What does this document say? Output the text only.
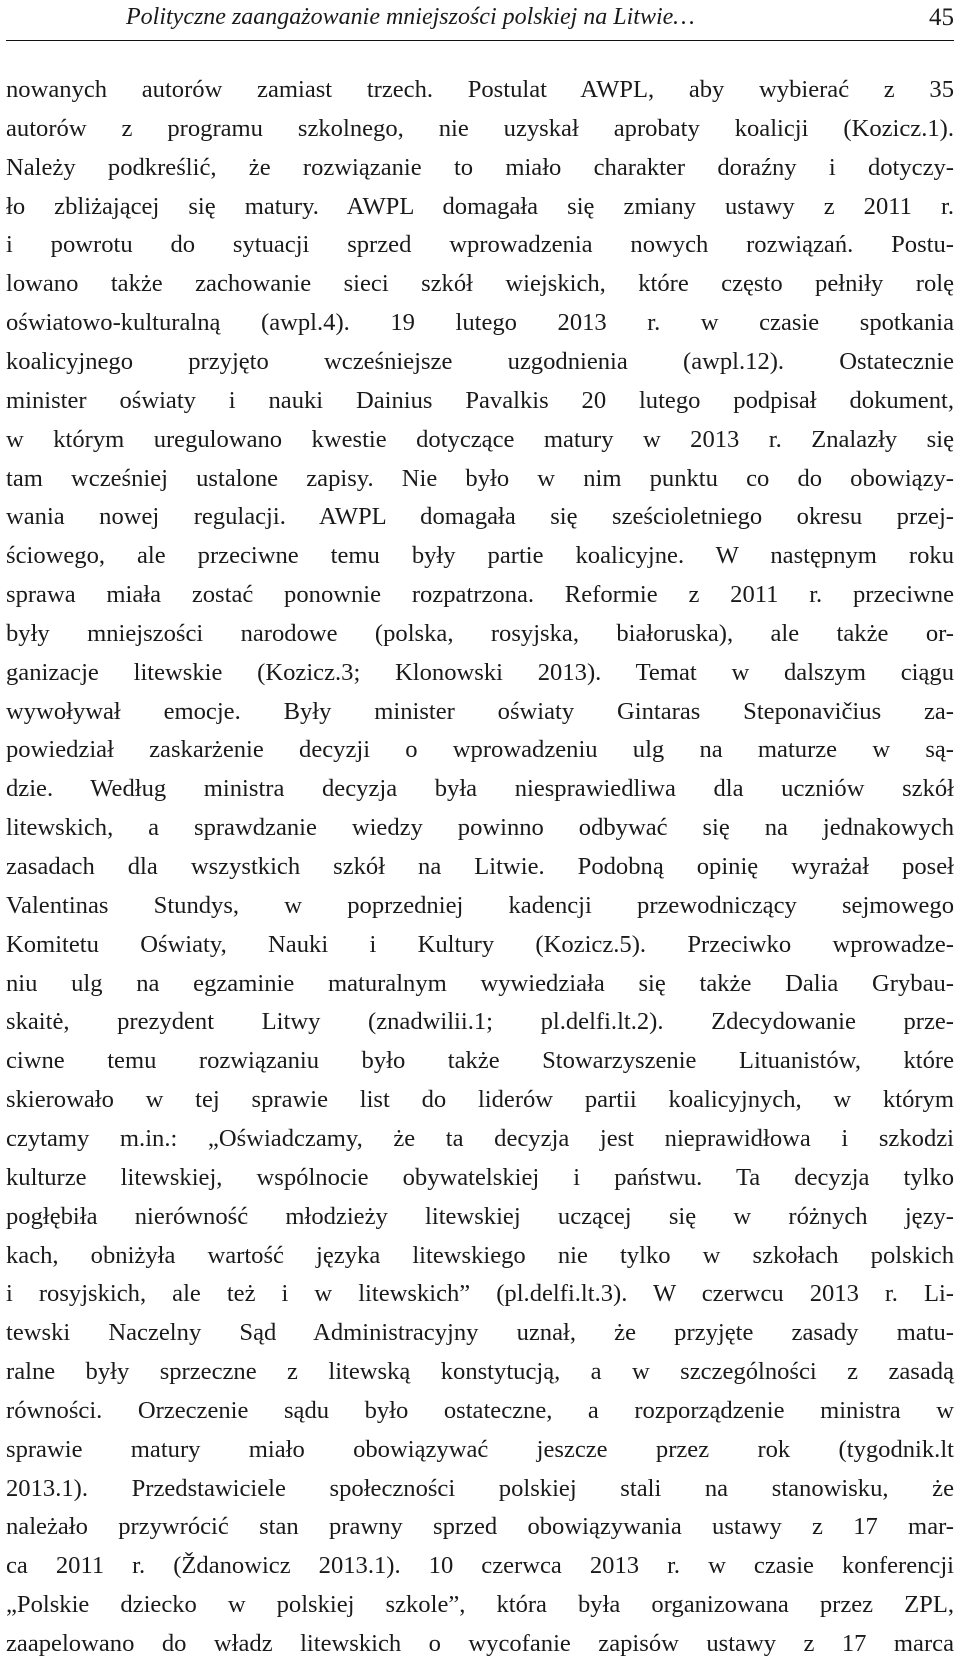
Polityczne zaangażowanie mniejszości polskiej na Litwie…	45
nowanych autorów zamiast trzech. Postulat AWPL, aby wybierać z 35
autorów z programu szkolnego, nie uzyskał aprobaty koalicji (Kozicz.1).
Należy podkreślić, że rozwiązanie to miało charakter doraźny i dotyczy-
ło zbliżającej się matury. AWPL domagała się zmiany ustawy z 2011 r.
i powrotu do sytuacji sprzed wprowadzenia nowych rozwiązań. Postu-
lowano także zachowanie sieci szkół wiejskich, które często pełniły rolę
oświatowo-kulturalną (awpl.4). 19 lutego 2013 r. w czasie spotkania
koalicyjnego przyjęto wcześniejsze uzgodnienia (awpl.12). Ostatecznie
minister oświaty i nauki Dainius Pavalkis 20 lutego podpisał dokument,
w którym uregulowano kwestie dotyczące matury w 2013 r. Znalazły się
tam wcześniej ustalone zapisy. Nie było w nim punktu co do obowiązy-
wania nowej regulacji. AWPL domagała się sześcioletniego okresu przej-
ściowego, ale przeciwne temu były partie koalicyjne. W następnym roku
sprawa miała zostać ponownie rozpatrzona. Reformie z 2011 r. przeciwne
były mniejszości narodowe (polska, rosyjska, białoruska), ale także or-
ganizacje litewskie (Kozicz.3; Klonowski 2013). Temat w dalszym ciągu
wywoływał emocje. Były minister oświaty Gintaras Steponavičius za-
powiedział zaskarżenie decyzji o wprowadzeniu ulg na maturze w są-
dzie. Według ministra decyzja była niesprawiedliwa dla uczniów szkół
litewskich, a sprawdzanie wiedzy powinno odbywać się na jednakowych
zasadach dla wszystkich szkół na Litwie. Podobną opinię wyrażał poseł
Valentinas Stundys, w poprzedniej kadencji przewodniczący sejmowego
Komitetu Oświaty, Nauki i Kultury (Kozicz.5). Przeciwko wprowadze-
niu ulg na egzaminie maturalnym wywiedziała się także Dalia Grybau-
skaitė, prezydent Litwy (znadwilii.1; pl.delfi.lt.2). Zdecydowanie prze-
ciwne temu rozwiązaniu było także Stowarzyszenie Lituanistów, które
skierowało w tej sprawie list do liderów partii koalicyjnych, w którym
czytamy m.in.: „Oświadczamy, że ta decyzja jest nieprawidłowa i szkodzi
kulturze litewskiej, wspólnocie obywatelskiej i państwu. Ta decyzja tylko
pogłębiła nierówność młodzieży litewskiej uczącej się w różnych języ-
kach, obniżyła wartość języka litewskiego nie tylko w szkołach polskich
i rosyjskich, ale też i w litewskich” (pl.delfi.lt.3). W czerwcu 2013 r. Li-
tewski Naczelny Sąd Administracyjny uznał, że przyjęte zasady matu-
ralne były sprzeczne z litewską konstytucją, a w szczególności z zasadą
równości. Orzeczenie sądu było ostateczne, a rozporządzenie ministra w
sprawie matury miało obowiązywać jeszcze przez rok (tygodnik.lt
2013.1). Przedstawiciele społeczności polskiej stali na stanowisku, że
należało przywrócić stan prawny sprzed obowiązywania ustawy z 17 mar-
ca 2011 r. (Ždanowicz 2013.1). 10 czerwca 2013 r. w czasie konferencji
„Polskie dziecko w polskiej szkole”, która była organizowana przez ZPL,
zaapelowano do władz litewskich o wycofanie zapisów ustawy z 17 marca
